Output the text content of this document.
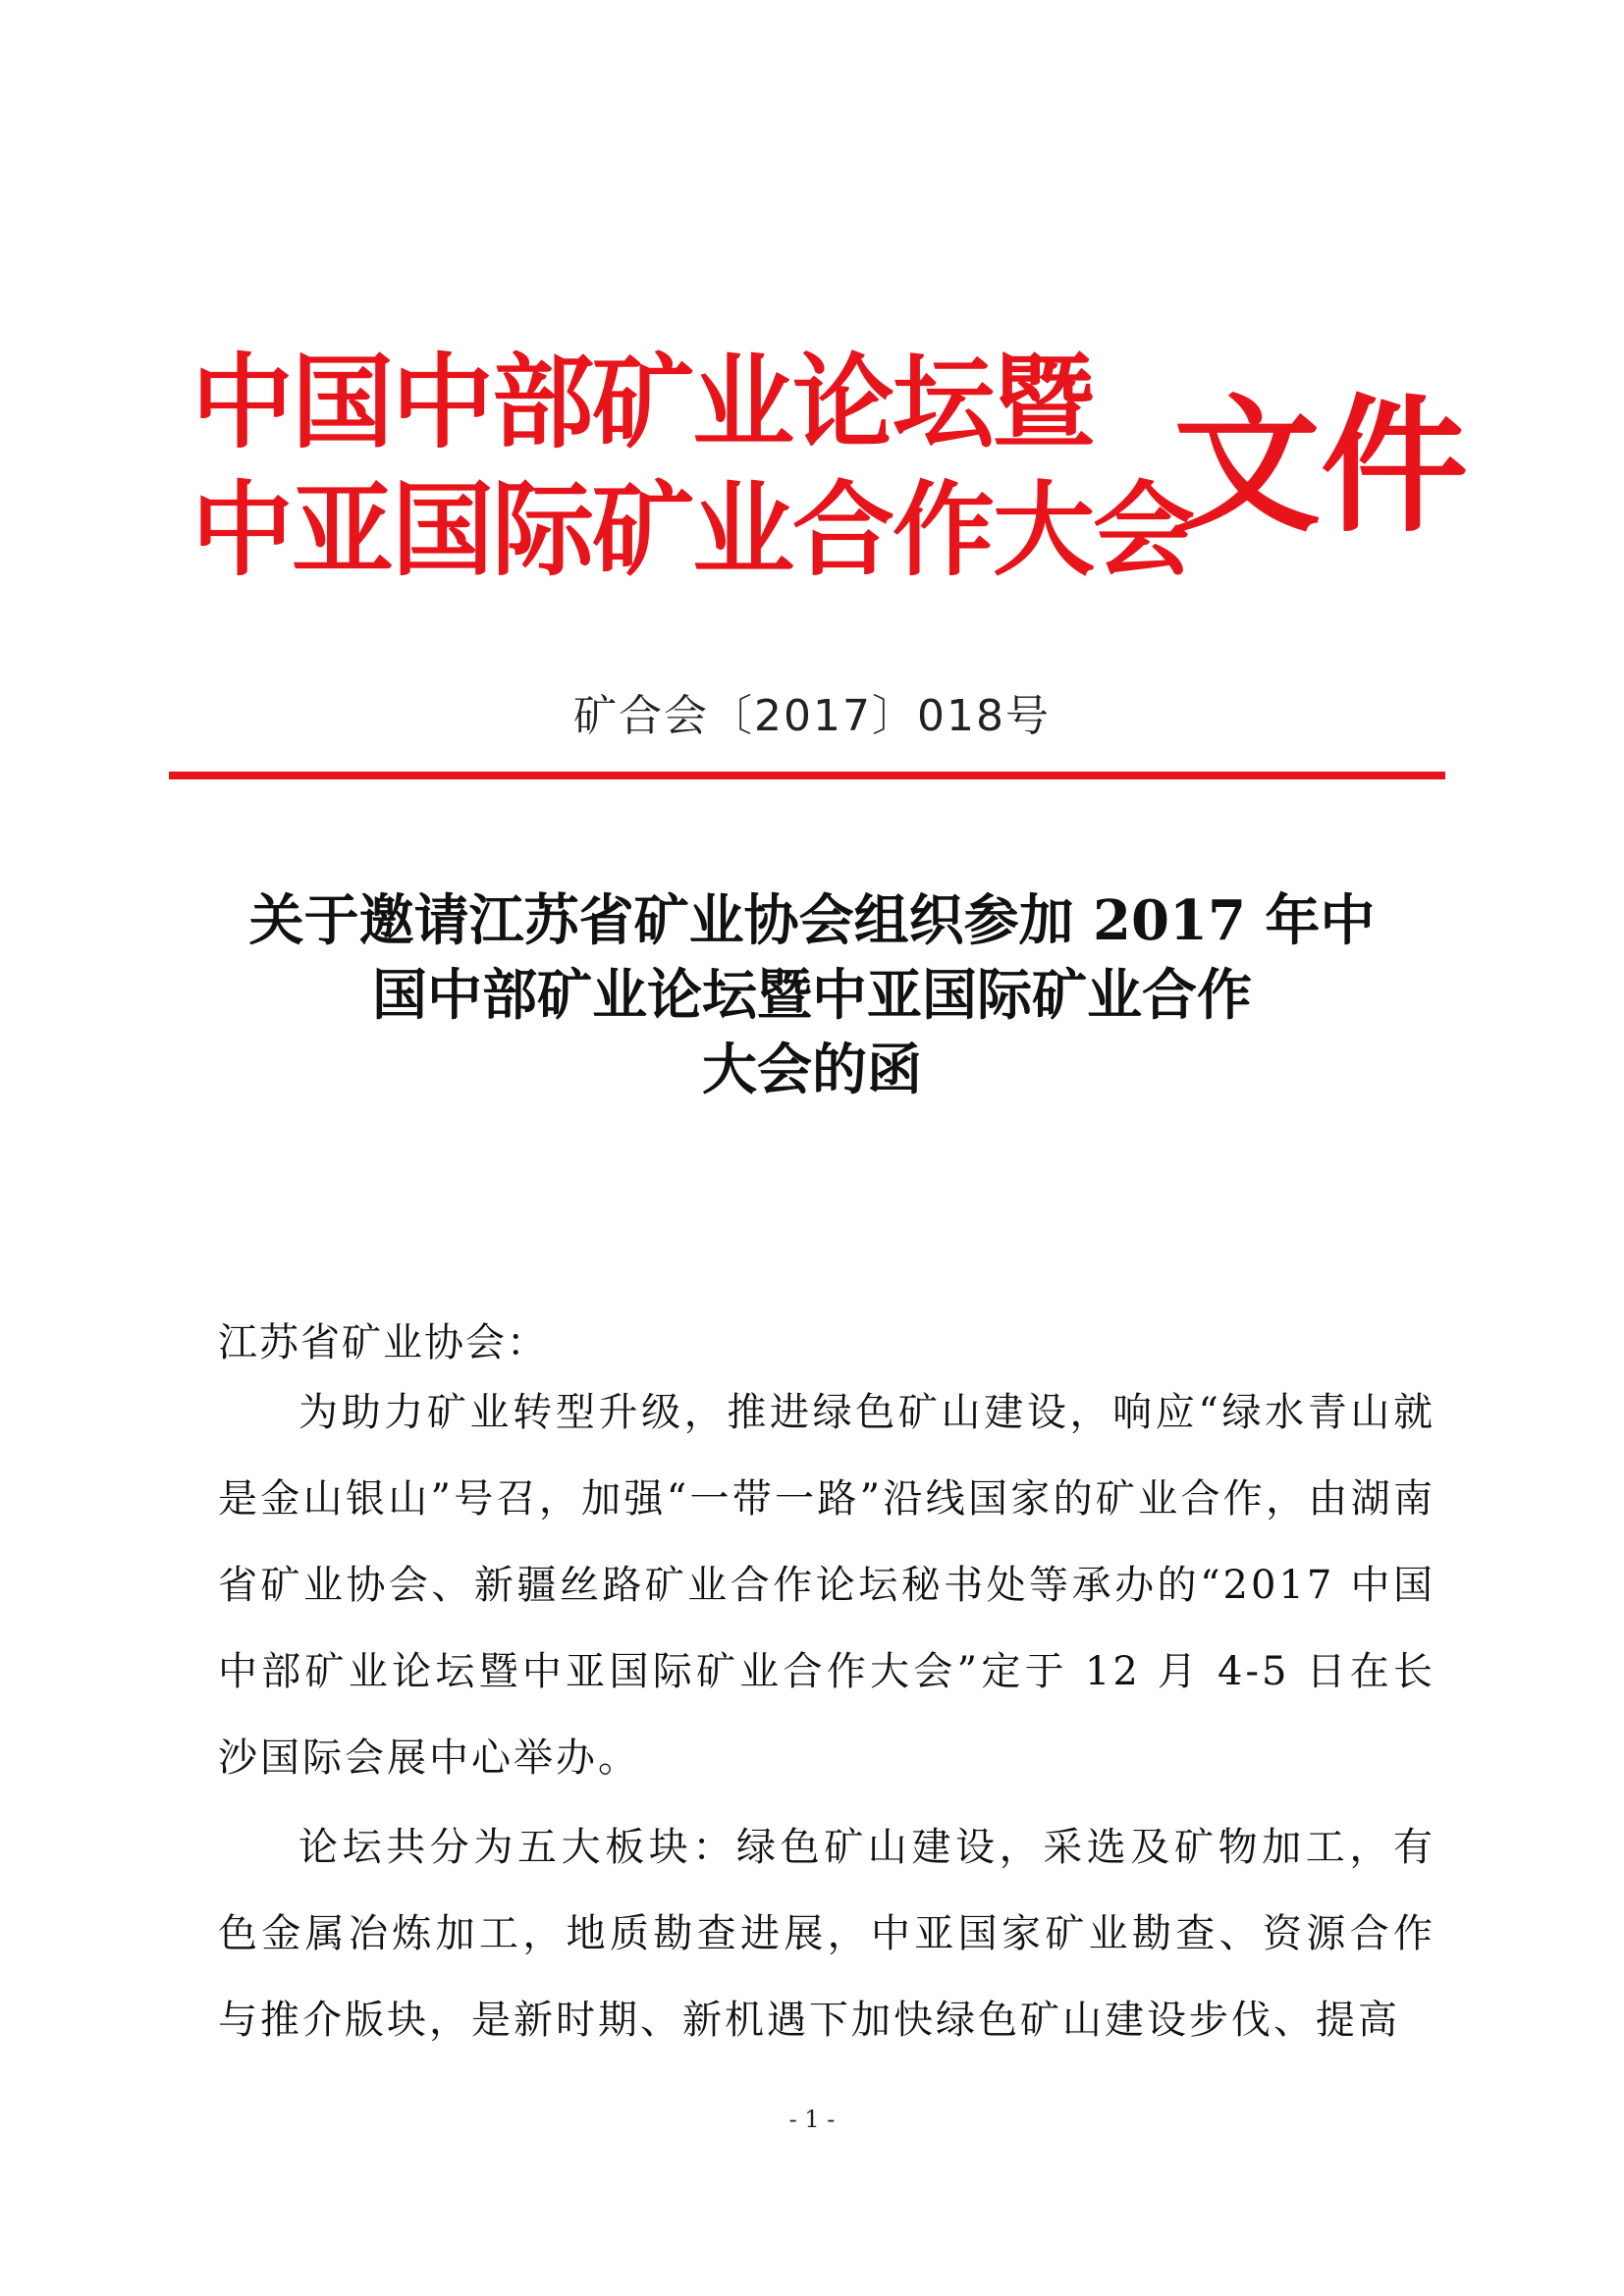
中国中部矿业论坛暨
中亚国际矿业合作大会
文件
矿合会〔2017〕018号
关于邀请江苏省矿业协会组织参加 2017 年中
国中部矿业论坛暨中亚国际矿业合作
大会的函
江苏省矿业协会：
为助力矿业转型升级，推进绿色矿山建设，响应“绿水青山就是金山银山”号召，加强“一带一路”沿线国家的矿业合作，由湖南省矿业协会、新疆丝路矿业合作论坛秘书处等承办的“2017 中国中部矿业论坛暨中亚国际矿业合作大会”定于 12 月 4-5 日在长沙国际会展中心举办。
论坛共分为五大板块：绿色矿山建设，采选及矿物加工，有色金属冶炼加工，地质勘查进展，中亚国家矿业勘查、资源合作与推介版块，是新时期、新机遇下加快绿色矿山建设步伐、提高
- 1 -
